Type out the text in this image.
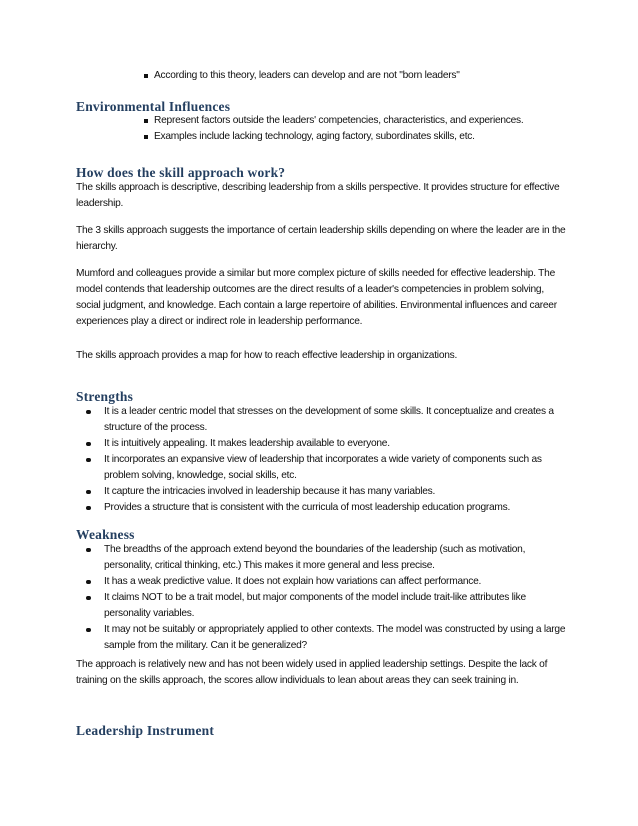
According to this theory, leaders can develop and are not "born leaders"
Environmental Influences
Represent factors outside the leaders' competencies, characteristics, and experiences.
Examples include lacking technology, aging factory, subordinates skills, etc.
How does the skill approach work?

The skills approach is descriptive, describing leadership from a skills perspective. It provides structure for effective leadership.

The 3 skills approach suggests the importance of certain leadership skills depending on where the leader are in the hierarchy.

Mumford and colleagues provide a similar but more complex picture of skills needed for effective leadership. The model contends that leadership outcomes are the direct results of a leader's competencies in problem solving, social judgment, and knowledge. Each contain a large repertoire of abilities. Environmental influences and career experiences play a direct or indirect role in leadership performance.

The skills approach provides a map for how to reach effective leadership in organizations.

Strengths
It is a leader centric model that stresses on the development of some skills. It conceptualize and creates a structure of the process.
It is intuitively appealing. It makes leadership available to everyone.
It incorporates an expansive view of leadership that incorporates a wide variety of components such as problem solving, knowledge, social skills, etc.
It capture the intricacies involved in leadership because it has many variables.
Provides a structure that is consistent with the curricula of most leadership education programs.
Weakness
The breadths of the approach extend beyond the boundaries of the leadership (such as motivation, personality, critical thinking, etc.) This makes it more general and less precise.
It has a weak predictive value. It does not explain how variations can affect performance.
It claims NOT to be a trait model, but major components of the model include trait-like attributes like personality variables.
It may not be suitably or appropriately applied to other contexts. The model was constructed by using a large sample from the military. Can it be generalized?

The approach is relatively new and has not been widely used in applied leadership settings. Despite the lack of training on the skills approach, the scores allow individuals to lean about areas they can seek training in.

Leadership Instrument
